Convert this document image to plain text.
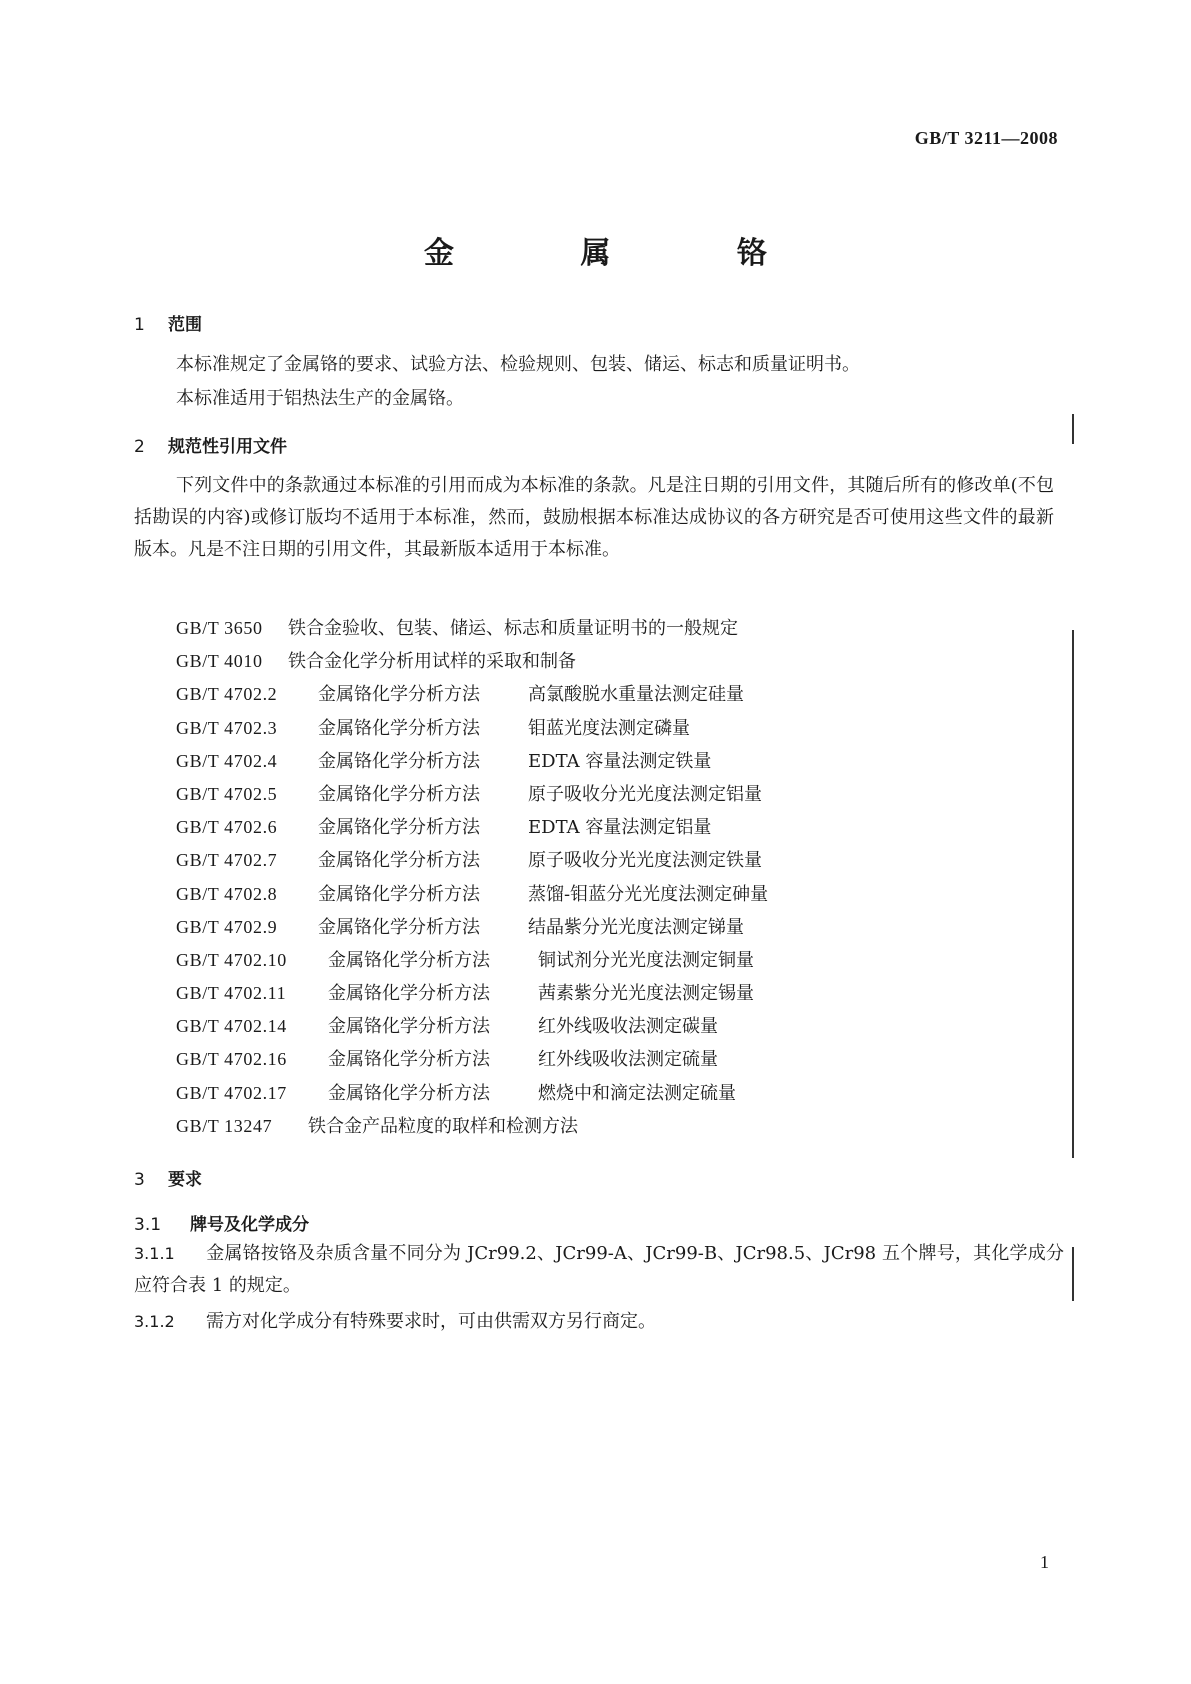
GB/T 3211—2008
金 属 铬
1 范围
本标准规定了金属铬的要求、试验方法、检验规则、包装、储运、标志和质量证明书。
本标准适用于铝热法生产的金属铬。
2 规范性引用文件
下列文件中的条款通过本标准的引用而成为本标准的条款。凡是注日期的引用文件，其随后所有的修改单(不包括勘误的内容)或修订版均不适用于本标准，然而，鼓励根据本标准达成协议的各方研究是否可使用这些文件的最新版本。凡是不注日期的引用文件，其最新版本适用于本标准。
GB/T 3650 铁合金验收、包装、储运、标志和质量证明书的一般规定
GB/T 4010 铁合金化学分析用试样的采取和制备
GB/T 4702.2 金属铬化学分析方法	高氯酸脱水重量法测定硅量
GB/T 4702.3 金属铬化学分析方法	钼蓝光度法测定磷量
GB/T 4702.4 金属铬化学分析方法	EDTA 容量法测定铁量
GB/T 4702.5 金属铬化学分析方法	原子吸收分光光度法测定铝量
GB/T 4702.6 金属铬化学分析方法	EDTA 容量法测定铝量
GB/T 4702.7 金属铬化学分析方法	原子吸收分光光度法测定铁量
GB/T 4702.8 金属铬化学分析方法	蒸馏-钼蓝分光光度法测定砷量
GB/T 4702.9 金属铬化学分析方法	结晶紫分光光度法测定锑量
GB/T 4702.10 金属铬化学分析方法	铜试剂分光光度法测定铜量
GB/T 4702.11 金属铬化学分析方法	茜素紫分光光度法测定锡量
GB/T 4702.14 金属铬化学分析方法	红外线吸收法测定碳量
GB/T 4702.16 金属铬化学分析方法	红外线吸收法测定硫量
GB/T 4702.17 金属铬化学分析方法	燃烧中和滴定法测定硫量
GB/T 13247 铁合金产品粒度的取样和检测方法
3 要求
3.1 牌号及化学成分
3.1.1 金属铬按铬及杂质含量不同分为 JCr99.2、JCr99-A、JCr99-B、JCr98.5、JCr98 五个牌号，其化学成分应符合表 1 的规定。
3.1.2 需方对化学成分有特殊要求时，可由供需双方另行商定。
1
